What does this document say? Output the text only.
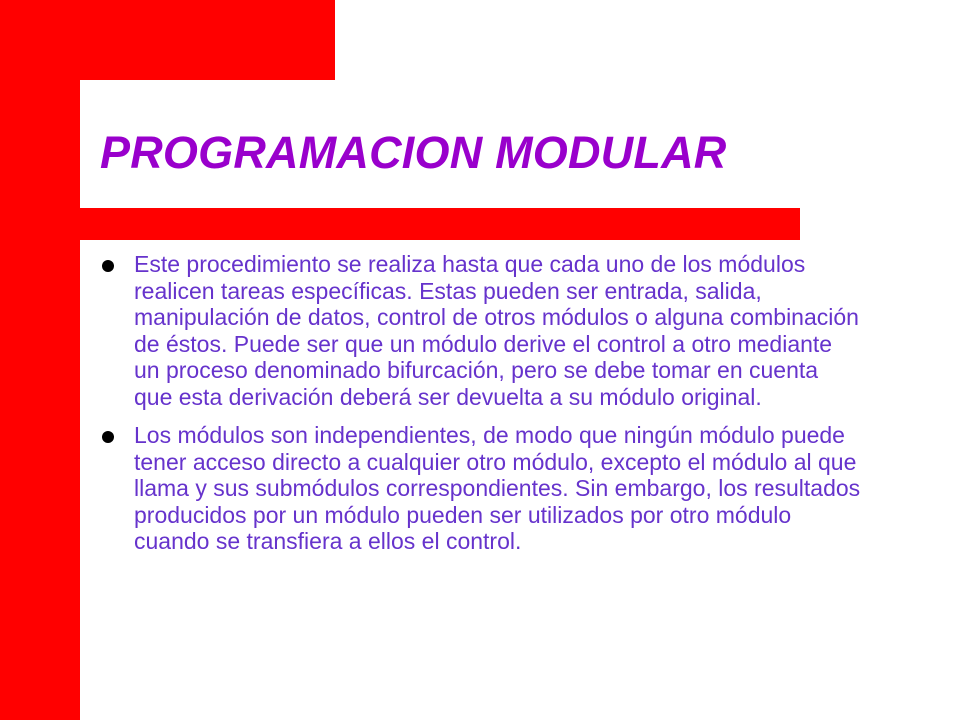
PROGRAMACION MODULAR
Este procedimiento se realiza hasta que cada uno de los módulos realicen tareas específicas. Estas pueden ser entrada, salida, manipulación de datos, control de otros módulos o alguna combinación de éstos. Puede ser que un módulo derive el control a otro mediante un proceso denominado bifurcación, pero se debe tomar en cuenta que esta derivación deberá ser devuelta a su módulo original.
Los módulos son independientes, de modo que ningún módulo puede tener acceso directo a cualquier otro módulo, excepto el módulo al que llama y sus submódulos correspondientes. Sin embargo, los resultados producidos por un módulo pueden ser utilizados por otro módulo cuando se transfiera a ellos el control.
